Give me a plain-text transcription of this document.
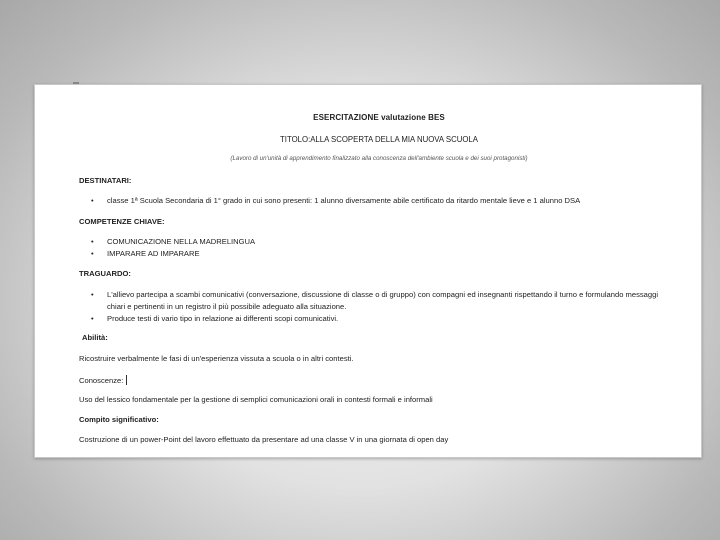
ESERCITAZIONE valutazione BES
TITOLO:ALLA SCOPERTA DELLA MIA NUOVA SCUOLA
(Lavoro di un'unità di apprendimento finalizzato alla conoscenza dell'ambiente scuola e dei suoi protagonisti)
DESTINATARI:
• classe 1ª Scuola Secondaria di 1° grado in cui sono presenti: 1 alunno diversamente abile certificato da ritardo mentale lieve e 1 alunno DSA
COMPETENZE CHIAVE:
• COMUNICAZIONE NELLA MADRELINGUA
• IMPARARE AD IMPARARE
TRAGUARDO:
• L'allievo partecipa a scambi comunicativi (conversazione, discussione di classe o di gruppo) con compagni ed insegnanti rispettando il turno e formulando messaggi
chiari e pertinenti in un registro il più possibile adeguato alla situazione.
• Produce testi di vario tipo in relazione ai differenti scopi comunicativi.
Abilità:
Ricostruire verbalmente le fasi di un'esperienza vissuta a scuola o in altri contesti.
Conoscenze:
Uso del lessico fondamentale per la gestione di semplici comunicazioni orali in contesti formali e informali
Compito significativo:
Costruzione di un power-Point del lavoro effettuato da presentare ad una classe V in una giornata di open day
